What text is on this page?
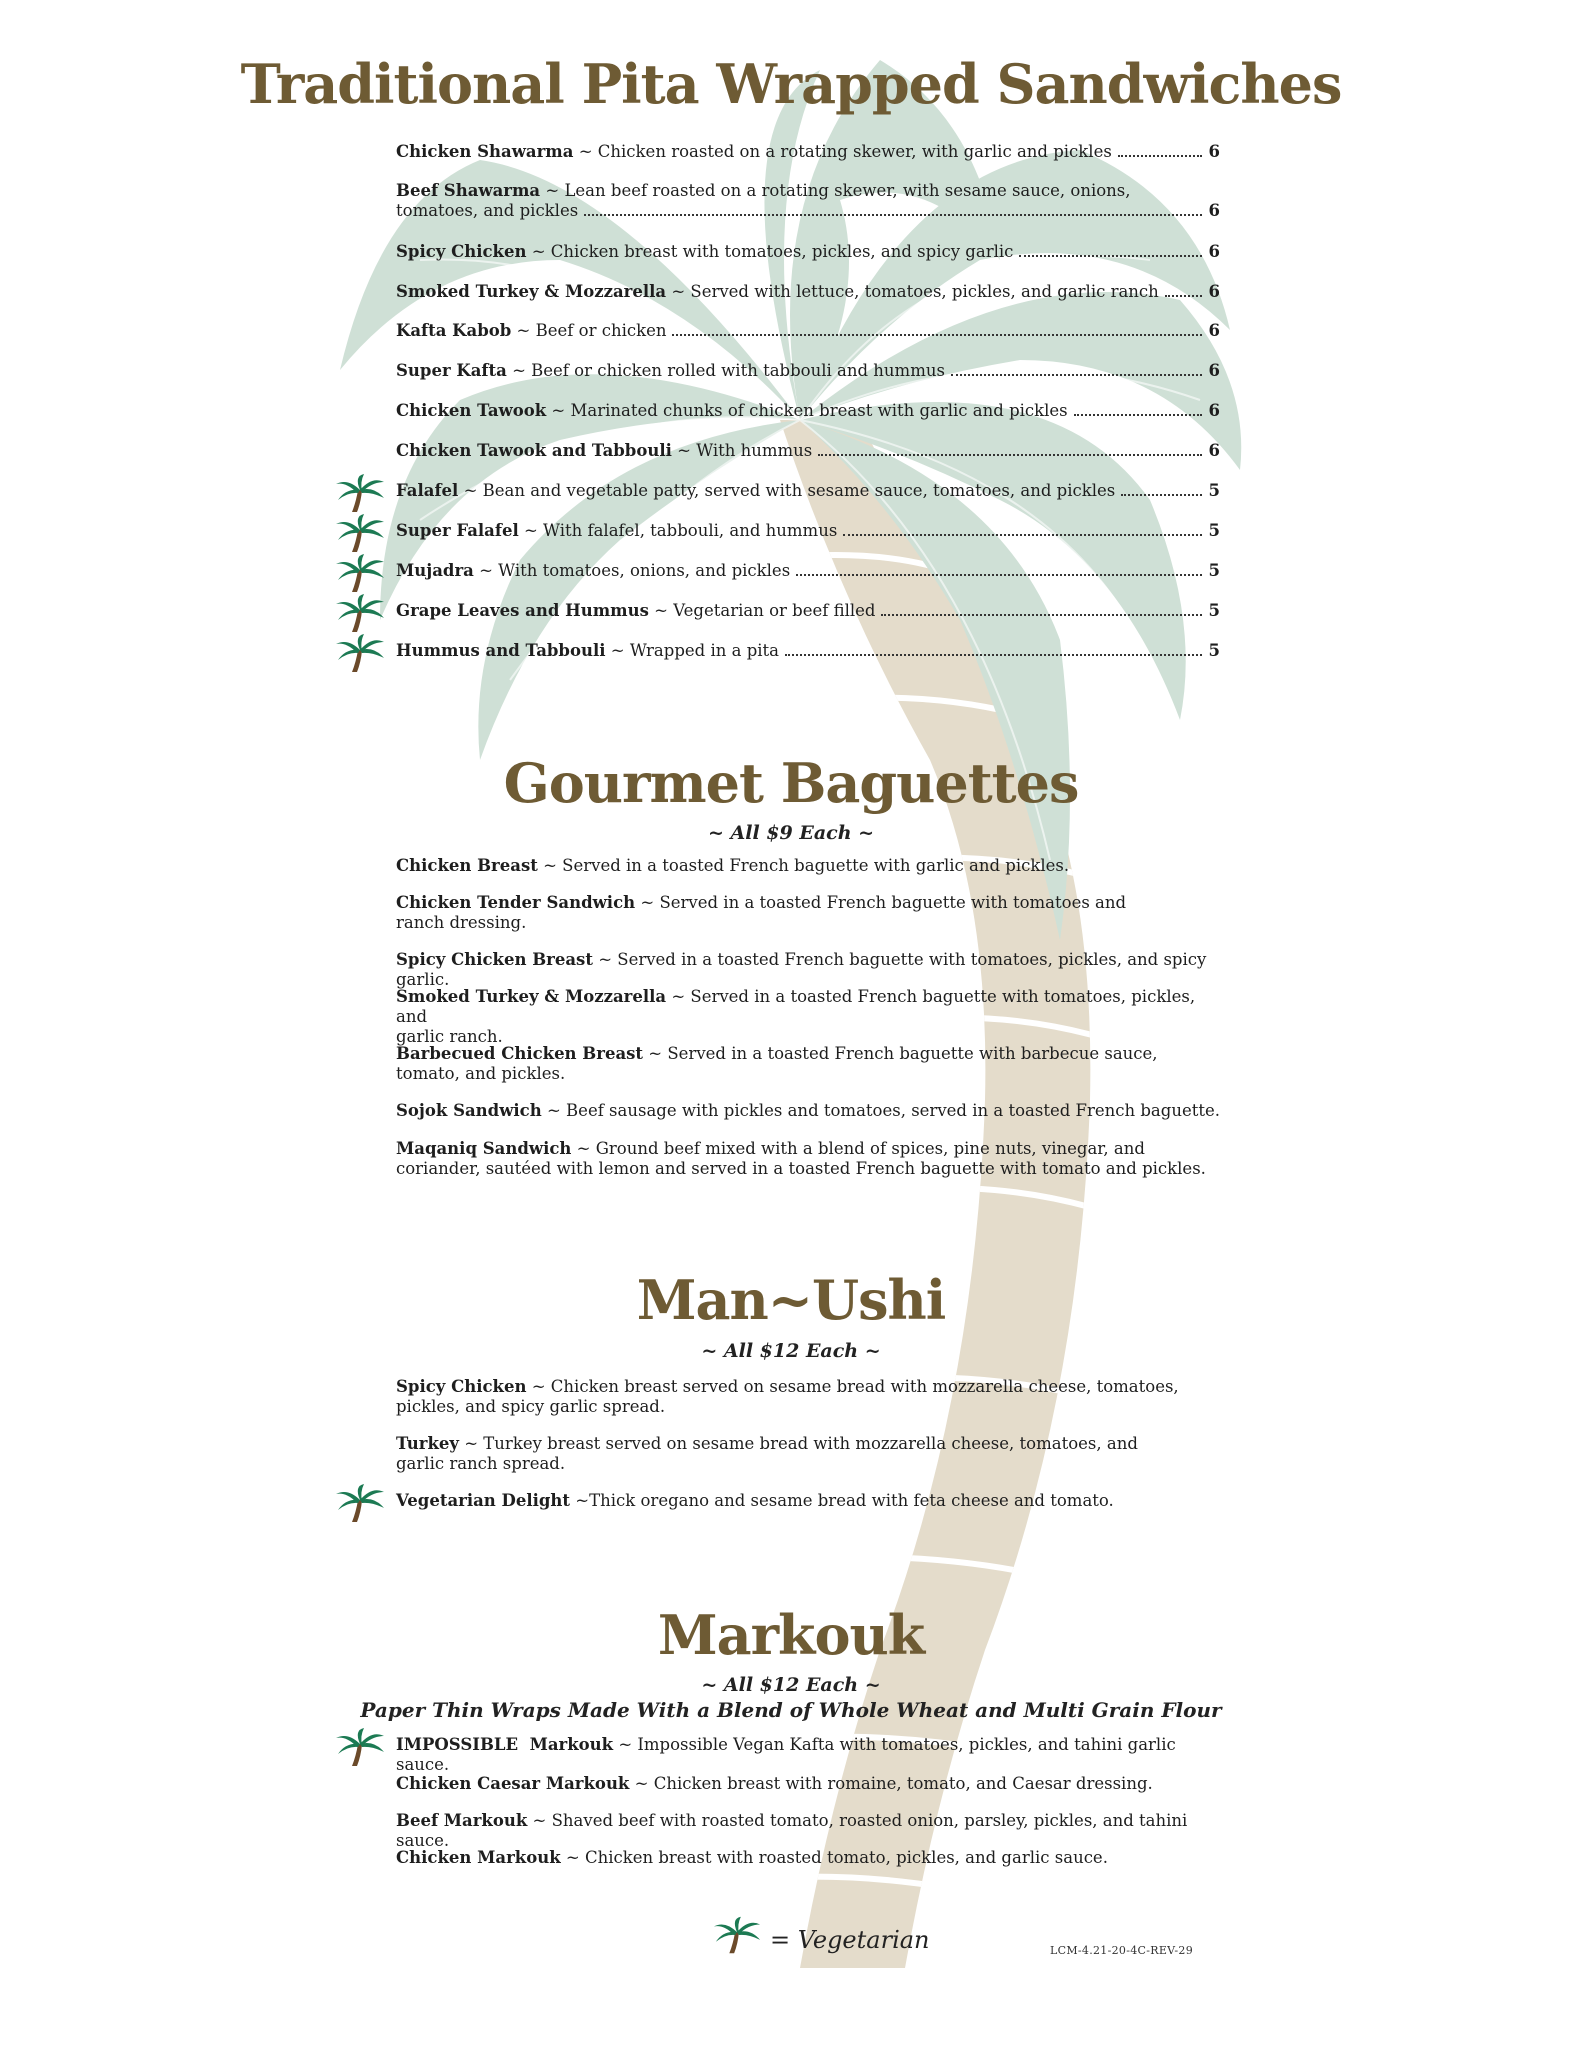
Traditional Pita Wrapped Sandwiches
Chicken Shawarma ~ Chicken roasted on a rotating skewer, with garlic and pickles	6
Beef Shawarma ~ Lean beef roasted on a rotating skewer, with sesame sauce, onions,
tomatoes, and pickles	6
Spicy Chicken ~ Chicken breast with tomatoes, pickles, and spicy garlic	6
Smoked Turkey & Mozzarella ~ Served with lettuce, tomatoes, pickles, and garlic ranch	6
Kafta Kabob ~ Beef or chicken	6
Super Kafta ~ Beef or chicken rolled with tabbouli and hummus	6
Chicken Tawook ~ Marinated chunks of chicken breast with garlic and pickles	6
Chicken Tawook and Tabbouli ~ With hummus	6
Falafel ~ Bean and vegetable patty, served with sesame sauce, tomatoes, and pickles	5
Super Falafel ~ With falafel, tabbouli, and hummus	5
Mujadra ~ With tomatoes, onions, and pickles	5
Grape Leaves and Hummus ~ Vegetarian or beef filled	5
Hummus and Tabbouli ~ Wrapped in a pita	5
Gourmet Baguettes
~ All $9 Each ~
Chicken Breast ~ Served in a toasted French baguette with garlic and pickles.
Chicken Tender Sandwich ~ Served in a toasted French baguette with tomatoes and
ranch dressing.
Spicy Chicken Breast ~ Served in a toasted French baguette with tomatoes, pickles, and spicy garlic.
Smoked Turkey & Mozzarella ~ Served in a toasted French baguette with tomatoes, pickles, and
garlic ranch.
Barbecued Chicken Breast ~ Served in a toasted French baguette with barbecue sauce,
tomato, and pickles.
Sojok Sandwich ~ Beef sausage with pickles and tomatoes, served in a toasted French baguette.
Maqaniq Sandwich ~ Ground beef mixed with a blend of spices, pine nuts, vinegar, and
coriander, sautéed with lemon and served in a toasted French baguette with tomato and pickles.
Man~Ushi
~ All $12 Each ~
Spicy Chicken ~ Chicken breast served on sesame bread with mozzarella cheese, tomatoes,
pickles, and spicy garlic spread.
Turkey ~ Turkey breast served on sesame bread with mozzarella cheese, tomatoes, and
garlic ranch spread.
Vegetarian Delight ~Thick oregano and sesame bread with feta cheese and tomato.
Markouk
~ All $12 Each ~
Paper Thin Wraps Made With a Blend of Whole Wheat and Multi Grain Flour
IMPOSSIBLE  Markouk ~ Impossible Vegan Kafta with tomatoes, pickles, and tahini garlic sauce.
Chicken Caesar Markouk ~ Chicken breast with romaine, tomato, and Caesar dressing.
Beef Markouk ~ Shaved beef with roasted tomato, roasted onion, parsley, pickles, and tahini sauce.
Chicken Markouk ~ Chicken breast with roasted tomato, pickles, and garlic sauce.
= Vegetarian	LCM-4.21-20-4C-REV-29
